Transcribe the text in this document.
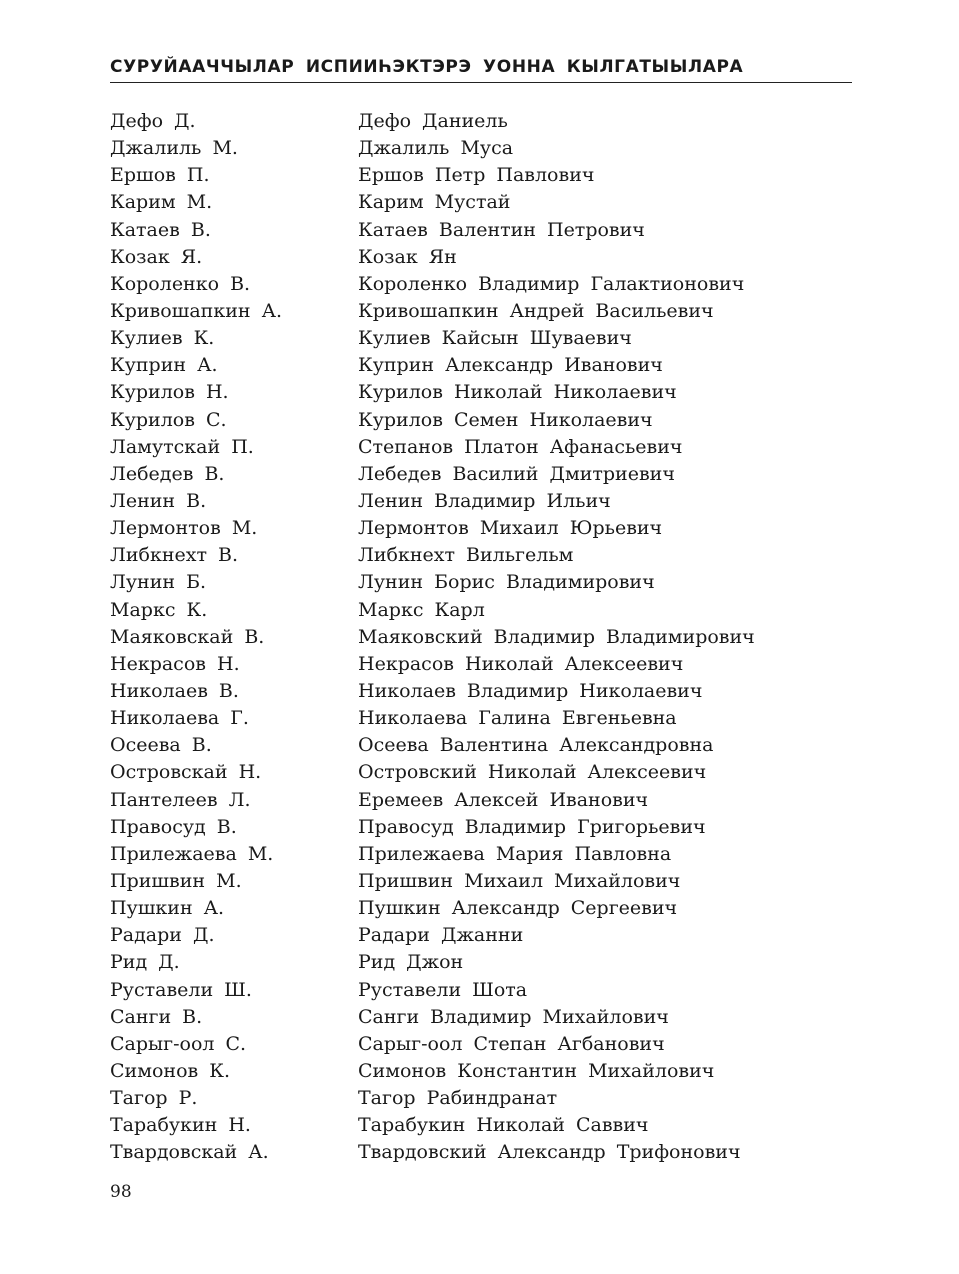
СУРУЙААЧЧЫЛАР ИСПИИҺЭКТЭРЭ УОННА КЫЛГАТЫЫЛАРА
Дефо Д.	Дефо Даниель
Джалиль М.	Джалиль Муса
Ершов П.	Ершов Петр Павлович
Карим М.	Карим Мустай
Катаев В.	Катаев Валентин Петрович
Козак Я.	Козак Ян
Короленко В.	Короленко Владимир Галактионович
Кривошапкин А.	Кривошапкин Андрей Васильевич
Кулиев К.	Кулиев Кайсын Шуваевич
Куприн А.	Куприн Александр Иванович
Курилов Н.	Курилов Николай Николаевич
Курилов С.	Курилов Семен Николаевич
Ламутскай П.	Степанов Платон Афанасьевич
Лебедев В.	Лебедев Василий Дмитриевич
Ленин В.	Ленин Владимир Ильич
Лермонтов М.	Лермонтов Михаил Юрьевич
Либкнехт В.	Либкнехт Вильгельм
Лунин Б.	Лунин Борис Владимирович
Маркс К.	Маркс Карл
Маяковскай В.	Маяковский Владимир Владимирович
Некрасов Н.	Некрасов Николай Алексеевич
Николаев В.	Николаев Владимир Николаевич
Николаева Г.	Николаева Галина Евгеньевна
Осеева В.	Осеева Валентина Александровна
Островскай Н.	Островский Николай Алексеевич
Пантелеев Л.	Еремеев Алексей Иванович
Правосуд В.	Правосуд Владимир Григорьевич
Прилежаева М.	Прилежаева Мария Павловна
Пришвин М.	Пришвин Михаил Михайлович
Пушкин А.	Пушкин Александр Сергеевич
Радари Д.	Радари Джанни
Рид Д.	Рид Джон
Руставели Ш.	Руставели Шота
Санги В.	Санги Владимир Михайлович
Сарыг-оол С.	Сарыг-оол Степан Агбанович
Симонов К.	Симонов Константин Михайлович
Тагор Р.	Тагор Рабиндранат
Тарабукин Н.	Тарабукин Николай Саввич
Твардовскай А.	Твардовский Александр Трифонович
98
